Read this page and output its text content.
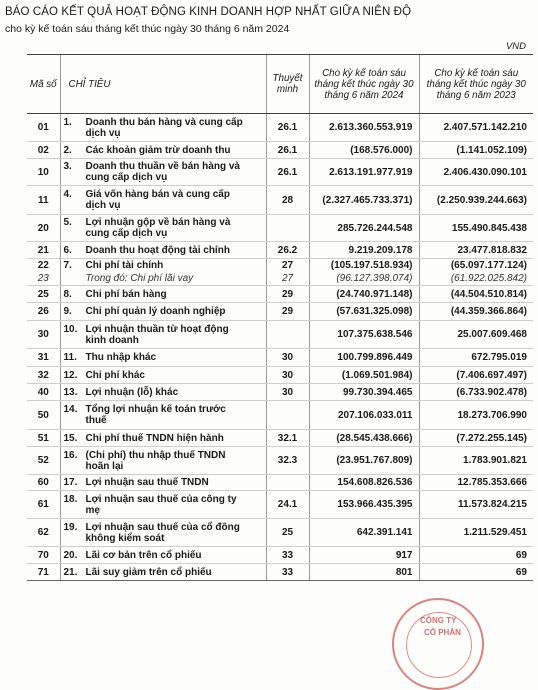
BÁO CÁO KẾT QUẢ HOẠT ĐỘNG KINH DOANH HỢP NHẤT GIỮA NIÊN ĐỘ
cho kỳ kế toán sáu tháng kết thúc ngày 30 tháng 6 năm 2024
VND
Mã số	CHỈ TIÊU	Thuyết minh	Cho kỳ kế toán sáu tháng kết thúc ngày 30 tháng 6 năm 2024	Cho kỳ kế toán sáu tháng kết thúc ngày 30 tháng 6 năm 2023
01	1. Doanh thu bán hàng và cung cấp dịch vụ	26.1	2.613.360.553.919	2.407.571.142.210
02	2. Các khoản giảm trừ doanh thu	26.1	(168.576.000)	(1.141.052.109)
10	3. Doanh thu thuần về bán hàng và cung cấp dịch vụ	26.1	2.613.191.977.919	2.406.430.090.101
11	4. Giá vốn hàng bán và cung cấp dịch vụ	28	(2.327.465.733.371)	(2.250.939.244.663)
20	5. Lợi nhuận gộp về bán hàng và cung cấp dịch vụ		285.726.244.548	155.490.845.438
21	6. Doanh thu hoạt động tài chính	26.2	9.219.209.178	23.477.818.832
22	7. Chi phí tài chính	27	(105.197.518.934)	(65.097.177.124)
23	Trong đó: Chi phí lãi vay	27	(96.127.398.074)	(61.922.025.842)
25	8. Chi phí bán hàng	29	(24.740.971.148)	(44.504.510.814)
26	9. Chi phí quản lý doanh nghiệp	29	(57.631.325.098)	(44.359.366.864)
30	10. Lợi nhuận thuần từ hoạt động kinh doanh		107.375.638.546	25.007.609.468
31	11. Thu nhập khác	30	100.799.896.449	672.795.019
32	12. Chi phí khác	30	(1.069.501.984)	(7.406.697.497)
40	13. Lợi nhuận (lỗ) khác	30	99.730.394.465	(6.733.902.478)
50	14. Tổng lợi nhuận kế toán trước thuế		207.106.033.011	18.273.706.990
51	15. Chi phí thuế TNDN hiện hành	32.1	(28.545.438.666)	(7.272.255.145)
52	16. (Chi phí) thu nhập thuế TNDN hoãn lại	32.3	(23.951.767.809)	1.783.901.821
60	17. Lợi nhuận sau thuế TNDN		154.608.826.536	12.785.353.666
61	18. Lợi nhuận sau thuế của công ty mẹ	24.1	153.966.435.395	11.573.824.215
62	19. Lợi nhuận sau thuế của cổ đông không kiểm soát	25	642.391.141	1.211.529.451
70	20. Lãi cơ bản trên cổ phiếu	33	917	69
71	21. Lãi suy giảm trên cổ phiếu	33	801	69
CÔNG TY
CỔ PHẦN
